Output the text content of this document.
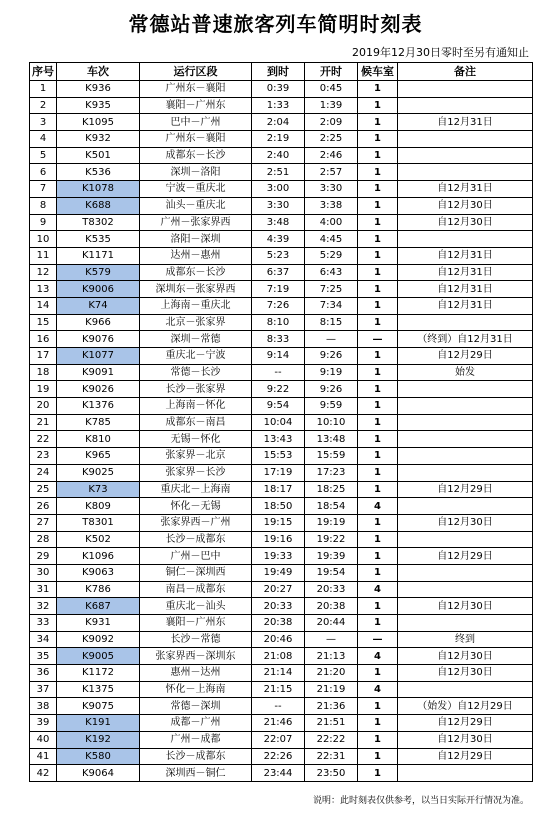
常德站普速旅客列车简明时刻表
2019年12月30日零时至另有通知止
序号	车次	运行区段	到时	开时	候车室	备注
1	K936	广州东－襄阳	0:39	0:45	1	
2	K935	襄阳－广州东	1:33	1:39	1	
3	K1095	巴中－广州	2:04	2:09	1	自12月31日
4	K932	广州东－襄阳	2:19	2:25	1	
5	K501	成都东－长沙	2:40	2:46	1	
6	K536	深圳－洛阳	2:51	2:57	1	
7	K1078	宁波－重庆北	3:00	3:30	1	自12月31日
8	K688	汕头－重庆北	3:30	3:38	1	自12月30日
9	T8302	广州－张家界西	3:48	4:00	1	自12月30日
10	K535	洛阳－深圳	4:39	4:45	1	
11	K1171	达州－惠州	5:23	5:29	1	自12月31日
12	K579	成都东－长沙	6:37	6:43	1	自12月31日
13	K9006	深圳东－张家界西	7:19	7:25	1	自12月31日
14	K74	上海南－重庆北	7:26	7:34	1	自12月31日
15	K966	北京－张家界	8:10	8:15	1	
16	K9076	深圳－常德	8:33	—	—	（终到）自12月31日
17	K1077	重庆北－宁波	9:14	9:26	1	自12月29日
18	K9091	常德－长沙	--	9:19	1	始发
19	K9026	长沙－张家界	9:22	9:26	1	
20	K1376	上海南－怀化	9:54	9:59	1	
21	K785	成都东－南昌	10:04	10:10	1	
22	K810	无锡－怀化	13:43	13:48	1	
23	K965	张家界－北京	15:53	15:59	1	
24	K9025	张家界－长沙	17:19	17:23	1	
25	K73	重庆北－上海南	18:17	18:25	1	自12月29日
26	K809	怀化－无锡	18:50	18:54	4	
27	T8301	张家界西－广州	19:15	19:19	1	自12月30日
28	K502	长沙－成都东	19:16	19:22	1	
29	K1096	广州－巴中	19:33	19:39	1	自12月29日
30	K9063	铜仁－深圳西	19:49	19:54	1	
31	K786	南昌－成都东	20:27	20:33	4	
32	K687	重庆北－汕头	20:33	20:38	1	自12月30日
33	K931	襄阳－广州东	20:38	20:44	1	
34	K9092	长沙－常德	20:46	—	—	终到
35	K9005	张家界西－深圳东	21:08	21:13	4	自12月30日
36	K1172	惠州－达州	21:14	21:20	1	自12月30日
37	K1375	怀化－上海南	21:15	21:19	4	
38	K9075	常德－深圳	--	21:36	1	（始发）自12月29日
39	K191	成都－广州	21:46	21:51	1	自12月29日
40	K192	广州－成都	22:07	22:22	1	自12月30日
41	K580	长沙－成都东	22:26	22:31	1	自12月29日
42	K9064	深圳西－铜仁	23:44	23:50	1	
说明：此时刻表仅供参考，以当日实际开行情况为准。
